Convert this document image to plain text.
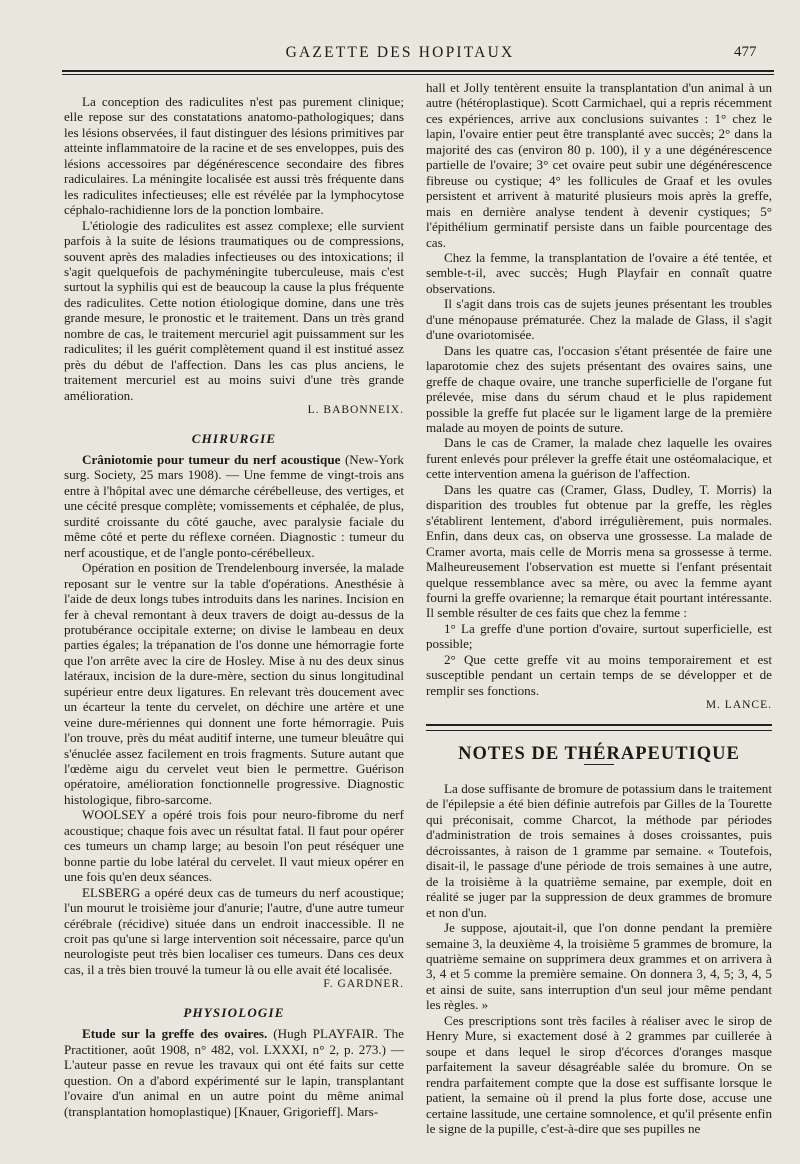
GAZETTE DES HOPITAUX	477

La conception des radiculites n'est pas purement clinique; elle repose sur des constatations anatomo-pathologiques; dans les lésions observées, il faut distinguer des lésions primitives par atteinte inflammatoire de la racine et de ses enveloppes, puis des lésions accessoires par dégénérescence secondaire des fibres radiculaires. La méningite localisée est aussi très fréquente dans les radiculites infectieuses; elle est révélée par la lymphocytose céphalo-rachidienne lors de la ponction lombaire.

L'étiologie des radiculites est assez complexe; elle survient parfois à la suite de lésions traumatiques ou de compressions, souvent après des maladies infectieuses ou des intoxications; il s'agit quelquefois de pachyméningite tuberculeuse, mais c'est surtout la syphilis qui est de beaucoup la cause la plus fréquente des radiculites. Cette notion étiologique domine, dans une très grande mesure, le pronostic et le traitement. Dans un très grand nombre de cas, le traitement mercuriel agit puissamment sur les radiculites; il les guérit complètement quand il est institué assez près du début de l'affection. Dans les cas plus anciens, le traitement mercuriel est au moins suivi d'une très grande amélioration.

L. BABONNEIX.

CHIRURGIE

Crâniotomie pour tumeur du nerf acoustique (New-York surg. Society, 25 mars 1908). — Une femme de vingt-trois ans entre à l'hôpital avec une démarche cérébelleuse, des vertiges, et une cécité presque complète; vomissements et céphalée, de plus, surdité croissante du côté gauche, avec paralysie faciale du même côté et perte du réflexe cornéen. Diagnostic : tumeur du nerf acoustique, et de l'angle ponto-cérébelleux.

Opération en position de Trendelenbourg inversée, la malade reposant sur le ventre sur la table d'opérations. Anesthésie à l'aide de deux longs tubes introduits dans les narines. Incision en fer à cheval remontant à deux travers de doigt au-dessus de la protubérance occipitale externe; on divise le lambeau en deux parties égales; la trépanation de l'os donne une hémorragie forte que l'on arrête avec la cire de Hosley. Mise à nu des deux sinus latéraux, incision de la dure-mère, section du sinus longitudinal supérieur entre deux ligatures. En relevant très doucement avec un écarteur la tente du cervelet, on déchire une artère et une veine dure-mériennes qui donnent une forte hémorragie. Puis l'on trouve, près du méat auditif interne, une tumeur bleuâtre qui s'énuclée assez facilement en trois fragments. Suture autant que l'œdème aigu du cervelet veut bien le permettre. Guérison opératoire, amélioration fonctionnelle progressive. Diagnostic histologique, fibro-sarcome.

WOOLSEY a opéré trois fois pour neuro-fibrome du nerf acoustique; chaque fois avec un résultat fatal. Il faut pour opérer ces tumeurs un champ large; au besoin l'on peut réséquer une bonne partie du lobe latéral du cervelet. Il vaut mieux opérer en une fois qu'en deux séances.

ELSBERG a opéré deux cas de tumeurs du nerf acoustique; l'un mourut le troisième jour d'anurie; l'autre, d'une autre tumeur cérébrale (récidive) située dans un endroit inaccessible. Il ne croit pas qu'une si large intervention soit nécessaire, parce qu'un neurologiste peut très bien localiser ces tumeurs. Dans ces deux cas, il a très bien trouvé la tumeur là ou elle avait été localisée.

F. GARDNER.

PHYSIOLOGIE

Etude sur la greffe des ovaires. (Hugh PLAYFAIR. The Practitioner, août 1908, n° 482, vol. LXXXI, n° 2, p. 273.) — L'auteur passe en revue les travaux qui ont été faits sur cette question. On a d'abord expérimenté sur le lapin, transplantant l'ovaire d'un animal en un autre point du même animal (transplantation homoplastique) [Knauer, Grigorieff]. Mars-

hall et Jolly tentèrent ensuite la transplantation d'un animal à un autre (hétéroplastique). Scott Carmichael, qui a repris récemment ces expériences, arrive aux conclusions suivantes : 1° chez le lapin, l'ovaire entier peut être transplanté avec succès; 2° dans la majorité des cas (environ 80 p. 100), il y a une dégénérescence partielle de l'ovaire; 3° cet ovaire peut subir une dégénérescence fibreuse ou cystique; 4° les follicules de Graaf et les ovules persistent et arrivent à maturité plusieurs mois après la greffe, mais en dernière analyse tendent à devenir cystiques; 5° l'épithélium germinatif persiste dans un faible pourcentage des cas.

Chez la femme, la transplantation de l'ovaire a été tentée, et semble-t-il, avec succès; Hugh Playfair en connaît quatre observations.

Il s'agit dans trois cas de sujets jeunes présentant les troubles d'une ménopause prématurée. Chez la malade de Glass, il s'agit d'une ovariotomisée.

Dans les quatre cas, l'occasion s'étant présentée de faire une laparotomie chez des sujets présentant des ovaires sains, une greffe de chaque ovaire, une tranche superficielle de l'organe fut prélevée, mise dans du sérum chaud et le plus rapidement possible la greffe fut placée sur le ligament large de la première malade au moyen de points de suture.

Dans le cas de Cramer, la malade chez laquelle les ovaires furent enlevés pour prélever la greffe était une ostéomalacique, et cette intervention amena la guérison de l'affection.

Dans les quatre cas (Cramer, Glass, Dudley, T. Morris) la disparition des troubles fut obtenue par la greffe, les règles s'établirent lentement, d'abord irrégulièrement, puis normales. Enfin, dans deux cas, on observa une grossesse. La malade de Cramer avorta, mais celle de Morris mena sa grossesse à terme. Malheureusement l'observation est muette si l'enfant présentait quelque ressemblance avec sa mère, ou avec la femme ayant fourni la greffe ovarienne; la remarque était pourtant intéressante. Il semble résulter de ces faits que chez la femme :

1° La greffe d'une portion d'ovaire, surtout superficielle, est possible;

2° Que cette greffe vit au moins temporairement et est susceptible pendant un certain temps de se développer et de remplir ses fonctions.

M. LANCE.

NOTES DE THÉRAPEUTIQUE

La dose suffisante de bromure de potassium dans le traitement de l'épilepsie a été bien définie autrefois par Gilles de la Tourette qui préconisait, comme Charcot, la méthode par périodes d'administration de trois semaines à doses croissantes, puis décroissantes, à raison de 1 gramme par semaine. « Toutefois, disait-il, le passage d'une période de trois semaines à une autre, de la troisième à la quatrième semaine, par exemple, doit en réalité se juger par la suppression de deux grammes de bromure et non d'un.

Je suppose, ajoutait-il, que l'on donne pendant la première semaine 3, la deuxième 4, la troisième 5 grammes de bromure, la quatrième semaine on supprimera deux grammes et on arrivera à 3, 4 et 5 comme la première semaine. On donnera 3, 4, 5; 3, 4, 5 et ainsi de suite, sans interruption d'un seul jour même pendant les règles. »

Ces prescriptions sont très faciles à réaliser avec le sirop de Henry Mure, si exactement dosé à 2 grammes par cuillerée à soupe et dans lequel le sirop d'écorces d'oranges masque parfaitement la saveur désagréable salée du bromure. On se rendra parfaitement compte que la dose est suffisante lorsque le patient, la semaine où il prend la plus forte dose, accuse une certaine lassitude, une certaine somnolence, et qu'il présente enfin le signe de la pupille, c'est-à-dire que ses pupilles ne
